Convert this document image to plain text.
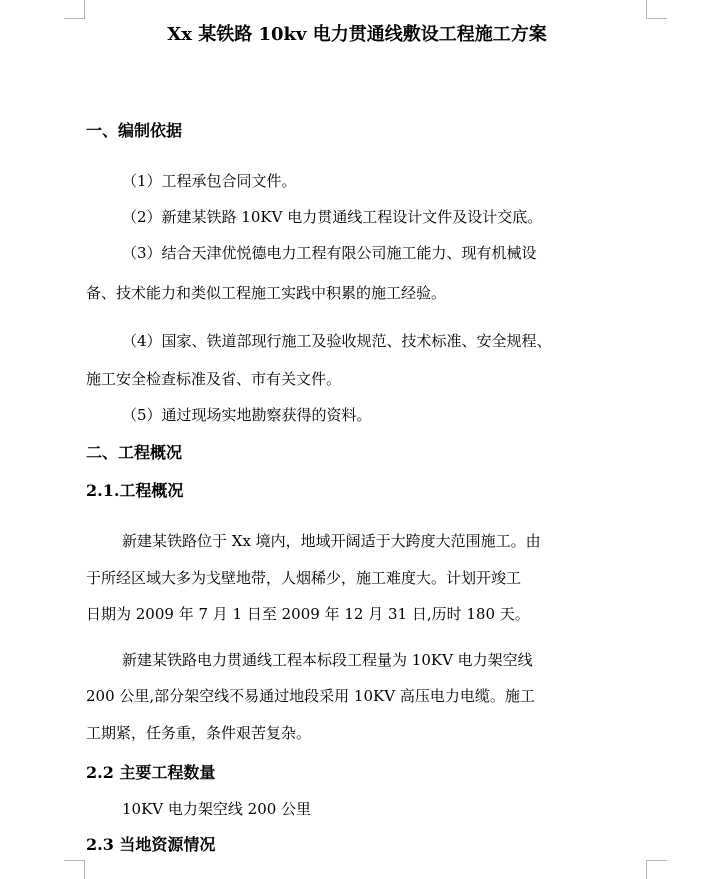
Xx 某铁路 10kv 电力贯通线敷设工程施工方案
一、编制依据
（1）工程承包合同文件。
（2）新建某铁路 10KV 电力贯通线工程设计文件及设计交底。
（3）结合天津优悦德电力工程有限公司施工能力、现有机械设
备、技术能力和类似工程施工实践中积累的施工经验。
（4）国家、铁道部现行施工及验收规范、技术标准、安全规程、
施工安全检查标准及省、市有关文件。
（5）通过现场实地勘察获得的资料。
二、工程概况
2.1.工程概况
新建某铁路位于 Xx 境内，地域开阔适于大跨度大范围施工。由
于所经区域大多为戈壁地带，人烟稀少，施工难度大。计划开竣工
日期为 2009 年 7 月 1 日至 2009 年 12 月 31 日,历时 180 天。
新建某铁路电力贯通线工程本标段工程量为 10KV 电力架空线
200 公里,部分架空线不易通过地段采用 10KV 高压电力电缆。施工
工期紧，任务重，条件艰苦复杂。
2.2 主要工程数量
10KV 电力架空线 200 公里
2.3 当地资源情况
